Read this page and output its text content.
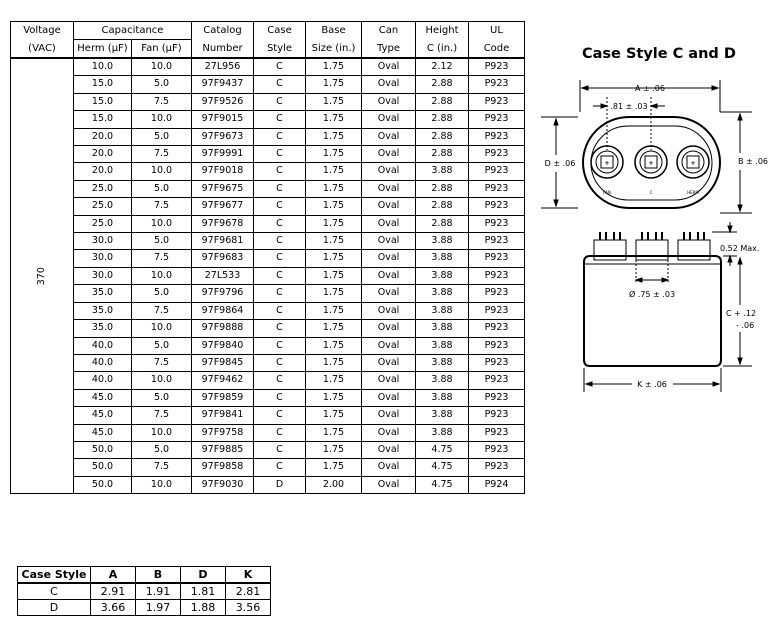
Voltage	Capacitance		Catalog	Case	Base	Can	Height	UL
(VAC)	Herm (µF)	Fan (µF)	Number	Style	Size (in.)	Type	C (in.)	Code
370	10.0	10.0	27L956	C	1.75	Oval	2.12	P923
	15.0	5.0	97F9437	C	1.75	Oval	2.88	P923
	15.0	7.5	97F9526	C	1.75	Oval	2.88	P923
	15.0	10.0	97F9015	C	1.75	Oval	2.88	P923
	20.0	5.0	97F9673	C	1.75	Oval	2.88	P923
	20.0	7.5	97F9991	C	1.75	Oval	2.88	P923
	20.0	10.0	97F9018	C	1.75	Oval	3.88	P923
	25.0	5.0	97F9675	C	1.75	Oval	2.88	P923
	25.0	7.5	97F9677	C	1.75	Oval	2.88	P923
	25.0	10.0	97F9678	C	1.75	Oval	2.88	P923
	30.0	5.0	97F9681	C	1.75	Oval	3.88	P923
	30.0	7.5	97F9683	C	1.75	Oval	3.88	P923
	30.0	10.0	27L533	C	1.75	Oval	3.88	P923
	35.0	5.0	97F9796	C	1.75	Oval	3.88	P923
	35.0	7.5	97F9864	C	1.75	Oval	3.88	P923
	35.0	10.0	97F9888	C	1.75	Oval	3.88	P923
	40.0	5.0	97F9840	C	1.75	Oval	3.88	P923
	40.0	7.5	97F9845	C	1.75	Oval	3.88	P923
	40.0	10.0	97F9462	C	1.75	Oval	3.88	P923
	45.0	5.0	97F9859	C	1.75	Oval	3.88	P923
	45.0	7.5	97F9841	C	1.75	Oval	3.88	P923
	45.0	10.0	97F9758	C	1.75	Oval	3.88	P923
	50.0	5.0	97F9885	C	1.75	Oval	4.75	P923
	50.0	7.5	97F9858	C	1.75	Oval	4.75	P923
	50.0	10.0	97F9030	D	2.00	Oval	4.75	P924
Case Style C and D
A ± .06
.81 ± .03
D ± .06	B ± .06
FAN	C	HERM
0.52 Max.
Ø .75 ± .03
C + .12
- .06
K ± .06
+	+	+
Case Style	A	B	D	K
C	2.91	1.91	1.81	2.81
D	3.66	1.97	1.88	3.56
